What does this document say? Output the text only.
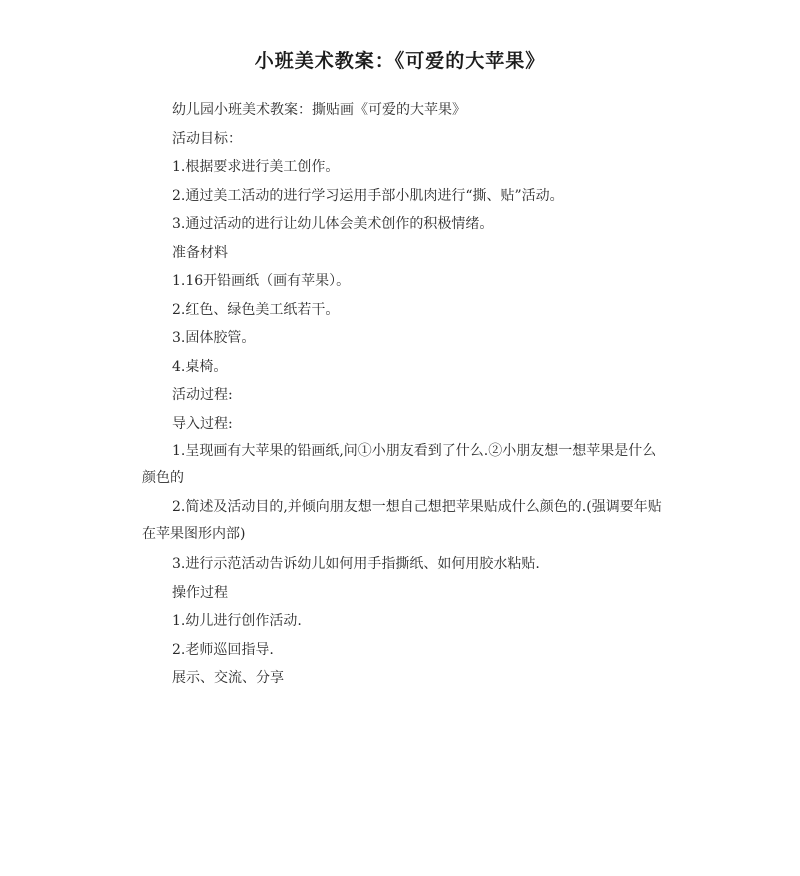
小班美术教案：《可爱的大苹果》

幼儿园小班美术教案：撕贴画《可爱的大苹果》

活动目标：

1.根据要求进行美工创作。

2.通过美工活动的进行学习运用手部小肌肉进行“撕、贴”活动。

3.通过活动的进行让幼儿体会美术创作的积极情绪。

准备材料

1.16开铅画纸（画有苹果）。

2.红色、绿色美工纸若干。

3.固体胶管。

4.桌椅。

活动过程:

导入过程:

1.呈现画有大苹果的铅画纸,问①小朋友看到了什么.②小朋友想一想苹果是什么颜色的

2.简述及活动目的,并倾向朋友想一想自己想把苹果贴成什么颜色的.(强调要年贴在苹果图形内部)

3.进行示范活动告诉幼儿如何用手指撕纸、如何用胶水粘贴.

操作过程

1.幼儿进行创作活动.

2.老师巡回指导.

展示、交流、分享
